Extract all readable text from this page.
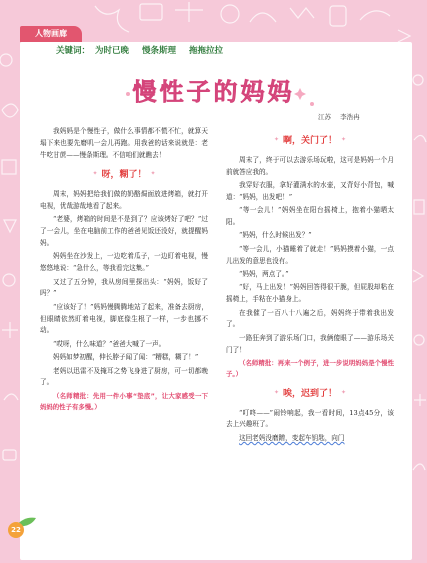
人物画廊
关键词： 为时已晚 慢条斯理 拖拖拉拉
慢性子的妈妈
江苏 李浩冉

我妈妈是个慢性子，做什么事情都不慌不忙，就算天塌下来也要先磨叽一会儿再跑。用我爸的话来说就是：老牛吃甘蔗——慢条斯理。不信咱们就瞧去！

✦ 呀，糊了！ ✦

周末，妈妈把给我们做的奶酪焗面放进烤箱，就打开电视，优哉游哉地看了起来。

“老婆，烤箱的时间是不是到了？应该烤好了吧？”过了一会儿，坐在电脑前工作的爸爸见饭还没好，就提醒妈妈。

妈妈坐在沙发上，一边吃着瓜子，一边盯着电视，慢悠悠地说：“急什么，等我看完这集。”

又过了五分钟，我从房间里探出头：“妈妈，饭好了吗？”

“应该好了！”妈妈慢腾腾地站了起来，准备去厨房，但眼睛依然盯着电视，脚底像生根了一样，一步也挪不动。

“哎呀，什么味道？”爸爸大喊了一声。

妈妈如梦初醒，伸长脖子闻了闻：“糟糕，糊了！”

老妈以迅雷不及掩耳之势飞身进了厨房，可一切都晚了。

（名师精批：先用一件小事“垫底”，让大家感受一下妈妈的性子有多慢。）

✦ 啊，关门了！ ✦

周末了，终于可以去游乐场玩啦，这可是妈妈一个月前就答应我的。

我穿好衣服，拿好灌满水的水壶，又背好小背包，喊道：“妈妈，出发吧！”

“等一会儿！”妈妈坐在阳台摇椅上，抱着小猫晒太阳。

“妈妈，什么时候出发？”

“等一会儿，小猫睡着了就走！”妈妈摸着小猫，一点儿出发的意思也没有。

“妈妈，两点了。”

“好，马上出发！”妈妈回答得很干脆，但屁股却粘在摇椅上，手粘在小猫身上。

在我催了一百八十八遍之后，妈妈终于带着我出发了。

一路狂奔到了游乐场门口，我俩傻眼了——游乐场关门了！

（名师精批：再来一个例子，进一步说明妈妈是个慢性子。）

✦ 唉，迟到了！ ✦

“叮咚——”闹铃响起，我一看时间，13点45分，该去上兴趣班了。

这回老妈没磨蹭，变起车钥匙，向门

22
